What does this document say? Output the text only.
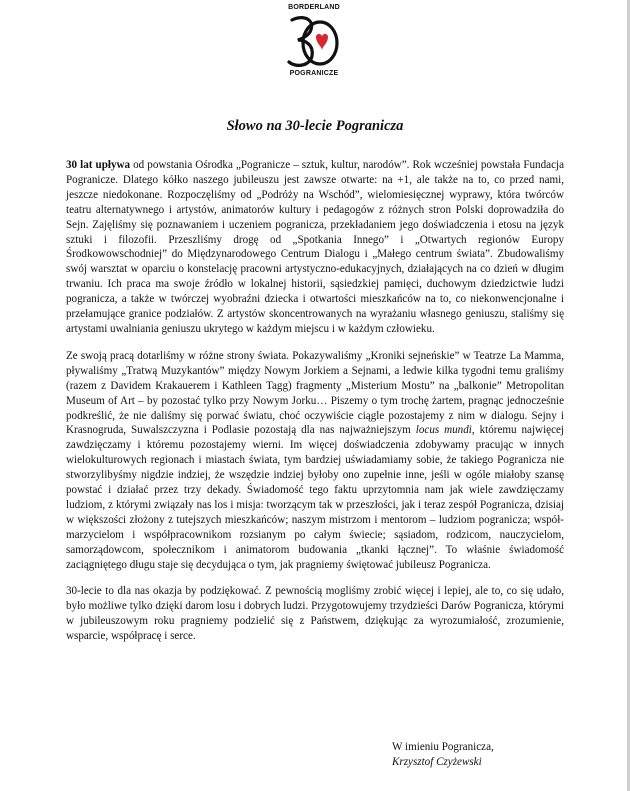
BORDERLAND
POGRANICZE
Słowo na 30-lecie Pogranicza

30 lat upływa od powstania Ośrodka „Pogranicze – sztuk, kultur, narodów”. Rok wcześniej powstała Fundacja Pogranicze. Dlatego kółko naszego jubileuszu jest zawsze otwarte: na +1, ale także na to, co przed nami, jeszcze niedokonane. Rozpoczęliśmy od „Podróży na Wschód”, wielomiesięcznej wyprawy, która twórców teatru alternatywnego i artystów, animatorów kultury i pedagogów z różnych stron Polski doprowadziła do Sejn. Zajęliśmy się poznawaniem i uczeniem pogranicza, przekładaniem jego doświadczenia i etosu na język sztuki i filozofii. Przeszliśmy drogę od „Spotkania Innego” i „Otwartych regionów Europy Środkowowschodniej” do Międzynarodowego Centrum Dialogu i „Małego centrum świata”. Zbudowaliśmy swój warsztat w oparciu o konstelację pracowni artystyczno-edukacyjnych, działających na co dzień w długim trwaniu. Ich praca ma swoje źródło w lokalnej historii, sąsiedzkiej pamięci, duchowym dziedzictwie ludzi pogranicza, a także w twórczej wyobraźni dziecka i otwartości mieszkańców na to, co niekonwencjonalne i przełamujące granice podziałów. Z artystów skoncentrowanych na wyrażaniu własnego geniuszu, staliśmy się artystami uwalniania geniuszu ukrytego w każdym miejscu i w każdym człowieku.

Ze swoją pracą dotarliśmy w różne strony świata. Pokazywaliśmy „Kroniki sejneńskie” w Teatrze La Mamma, pływaliśmy „Tratwą Muzykantów” między Nowym Jorkiem a Sejnami, a ledwie kilka tygodni temu graliśmy (razem z Davidem Krakauerem i Kathleen Tagg) fragmenty „Misterium Mostu” na „balkonie” Metropolitan Museum of Art – by pozostać tylko przy Nowym Jorku… Piszemy o tym trochę żartem, pragnąc jednocześnie podkreślić, że nie daliśmy się porwać światu, choć oczywiście ciągle pozostajemy z nim w dialogu. Sejny i Krasnogruda, Suwalszczyzna i Podlasie pozostają dla nas najważniejszym locus mundi, któremu najwięcej zawdzięczamy i któremu pozostajemy wierni. Im więcej doświadczenia zdobywamy pracując w innych wielokulturowych regionach i miastach świata, tym bardziej uświadamiamy sobie, że takiego Pogranicza nie stworzylibyśmy nigdzie indziej, że wszędzie indziej byłoby ono zupełnie inne, jeśli w ogóle miałoby szansę powstać i działać przez trzy dekady. Świadomość tego faktu uprzytomnia nam jak wiele zawdzięczamy ludziom, z którymi związały nas los i misja: tworzącym tak w przeszłości, jak i teraz zespół Pogranicza, dzisiaj w większości złożony z tutejszych mieszkańców; naszym mistrzom i mentorom – ludziom pogranicza; współ-marzycielom i współpracownikom rozsianym po całym świecie; sąsiadom, rodzicom, nauczycielom, samorządowcom, społecznikom i animatorom budowania „tkanki łącznej”. To właśnie świadomość zaciągniętego długu staje się decydująca o tym, jak pragniemy świętować jubileusz Pogranicza.

30-lecie to dla nas okazja by podziękować. Z pewnością mogliśmy zrobić więcej i lepiej, ale to, co się udało, było możliwe tylko dzięki darom losu i dobrych ludzi. Przygotowujemy trzydzieści Darów Pogranicza, którymi w jubileuszowym roku pragniemy podzielić się z Państwem, dziękując za wyrozumiałość, zrozumienie, wsparcie, współpracę i serce.

W imieniu Pogranicza,
Krzysztof Czyżewski
